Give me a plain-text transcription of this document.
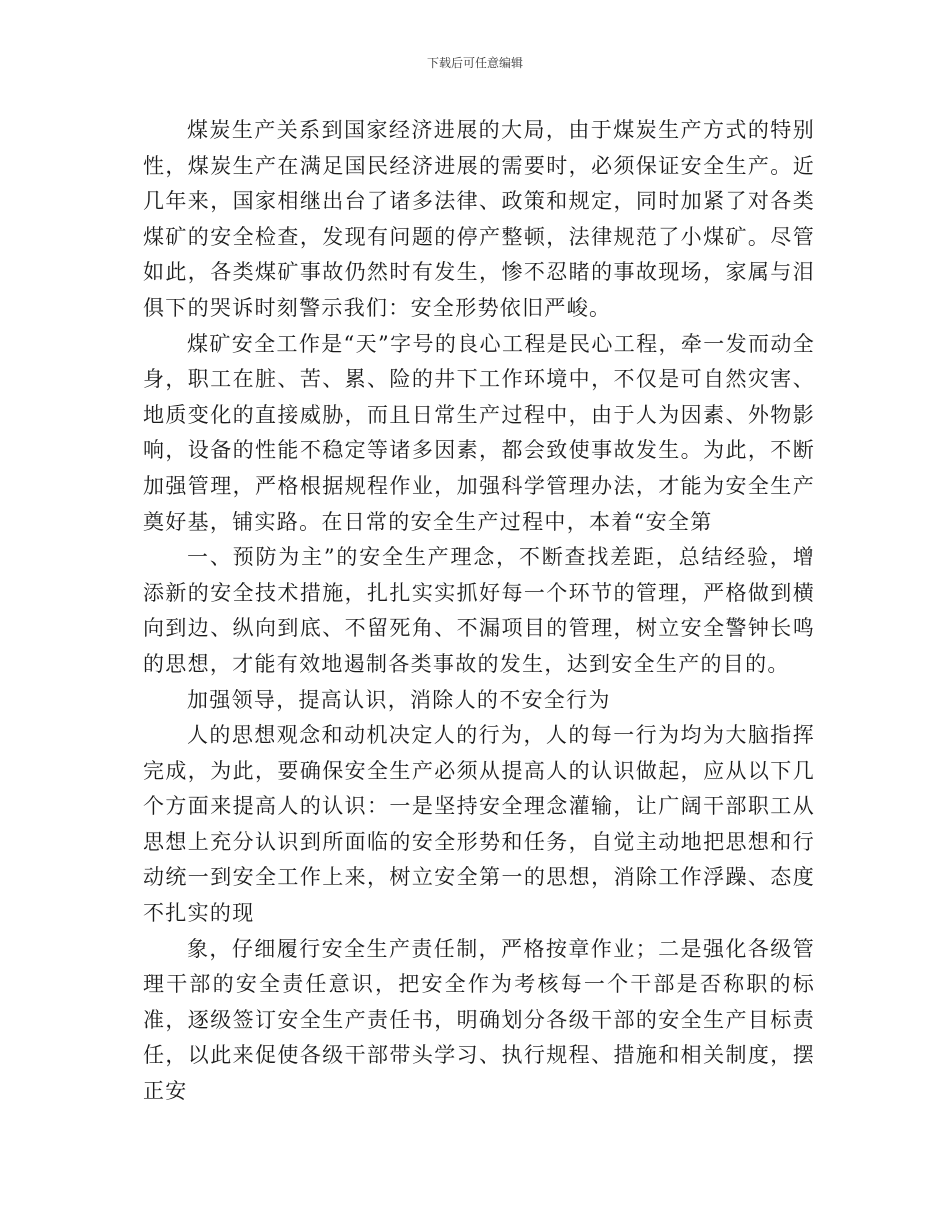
下载后可任意编辑

煤炭生产关系到国家经济进展的大局，由于煤炭生产方式的特别性，煤炭生产在满足国民经济进展的需要时，必须保证安全生产。近几年来，国家相继出台了诸多法律、政策和规定，同时加紧了对各类煤矿的安全检查，发现有问题的停产整顿，法律规范了小煤矿。尽管如此，各类煤矿事故仍然时有发生，惨不忍睹的事故现场，家属与泪俱下的哭诉时刻警示我们：安全形势依旧严峻。

煤矿安全工作是“天”字号的良心工程是民心工程，牵一发而动全身，职工在脏、苦、累、险的井下工作环境中，不仅是可自然灾害、地质变化的直接威胁，而且日常生产过程中，由于人为因素、外物影响，设备的性能不稳定等诸多因素，都会致使事故发生。为此，不断加强管理，严格根据规程作业，加强科学管理办法，才能为安全生产奠好基，铺实路。在日常的安全生产过程中，本着“安全第

一、预防为主”的安全生产理念，不断查找差距，总结经验，增添新的安全技术措施，扎扎实实抓好每一个环节的管理，严格做到横向到边、纵向到底、不留死角、不漏项目的管理，树立安全警钟长鸣的思想，才能有效地遏制各类事故的发生，达到安全生产的目的。

加强领导，提高认识，消除人的不安全行为

人的思想观念和动机决定人的行为，人的每一行为均为大脑指挥完成，为此，要确保安全生产必须从提高人的认识做起，应从以下几个方面来提高人的认识：一是坚持安全理念灌输，让广阔干部职工从思想上充分认识到所面临的安全形势和任务，自觉主动地把思想和行动统一到安全工作上来，树立安全第一的思想，消除工作浮躁、态度不扎实的现

象，仔细履行安全生产责任制，严格按章作业；二是强化各级管理干部的安全责任意识，把安全作为考核每一个干部是否称职的标准，逐级签订安全生产责任书，明确划分各级干部的安全生产目标责任，以此来促使各级干部带头学习、执行规程、措施和相关制度，摆正安
